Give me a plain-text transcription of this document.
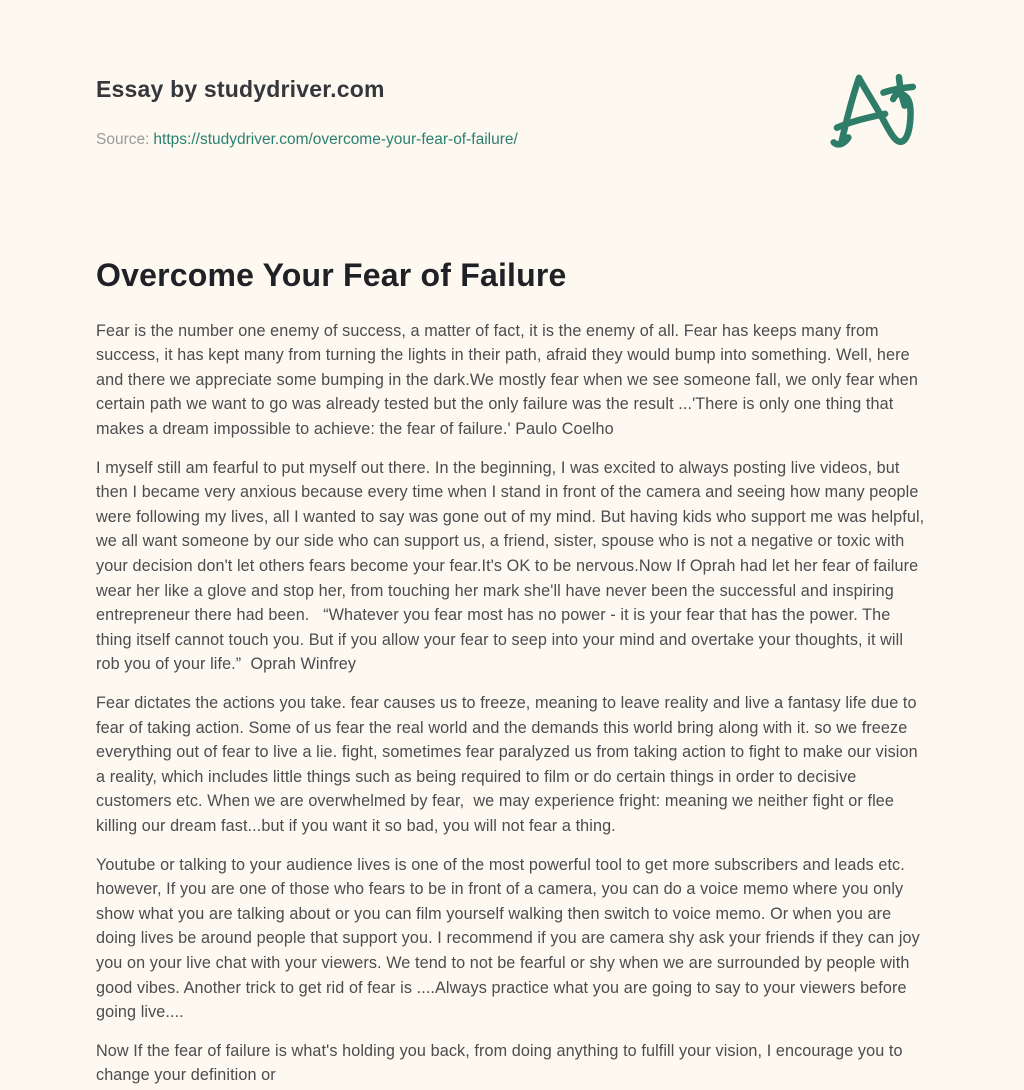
Essay by studydriver.com
Source: https://studydriver.com/overcome-your-fear-of-failure/
Overcome Your Fear of Failure

Fear is the number one enemy of success, a matter of fact, it is the enemy of all. Fear has keeps many from success, it has kept many from turning the lights in their path, afraid they would bump into something. Well, here and there we appreciate some bumping in the dark.We mostly fear when we see someone fall, we only fear when certain path we want to go was already tested but the only failure was the result ...'There is only one thing that makes a dream impossible to achieve: the fear of failure.' Paulo Coelho

I myself still am fearful to put myself out there. In the beginning, I was excited to always posting live videos, but then I became very anxious because every time when I stand in front of the camera and seeing how many people were following my lives, all I wanted to say was gone out of my mind. But having kids who support me was helpful, we all want someone by our side who can support us, a friend, sister, spouse who is not a negative or toxic with your decision don't let others fears become your fear.It's OK to be nervous.Now If Oprah had let her fear of failure wear her like a glove and stop her, from touching her mark she'll have never been the successful and inspiring entrepreneur there had been.   “Whatever you fear most has no power - it is your fear that has the power. The thing itself cannot touch you. But if you allow your fear to seep into your mind and overtake your thoughts, it will rob you of your life.”  Oprah Winfrey

Fear dictates the actions you take. fear causes us to freeze, meaning to leave reality and live a fantasy life due to fear of taking action. Some of us fear the real world and the demands this world bring along with it. so we freeze everything out of fear to live a lie. fight, sometimes fear paralyzed us from taking action to fight to make our vision a reality, which includes little things such as being required to film or do certain things in order to decisive customers etc. When we are overwhelmed by fear,  we may experience fright: meaning we neither fight or flee killing our dream fast...but if you want it so bad, you will not fear a thing.

Youtube or talking to your audience lives is one of the most powerful tool to get more subscribers and leads etc. however, If you are one of those who fears to be in front of a camera, you can do a voice memo where you only show what you are talking about or you can film yourself walking then switch to voice memo. Or when you are doing lives be around people that support you. I recommend if you are camera shy ask your friends if they can joy you on your live chat with your viewers. We tend to not be fearful or shy when we are surrounded by people with good vibes. Another trick to get rid of fear is ....Always practice what you are going to say to your viewers before going live....

Now If the fear of failure is what's holding you back, from doing anything to fulfill your vision, I encourage you to change your definition or
